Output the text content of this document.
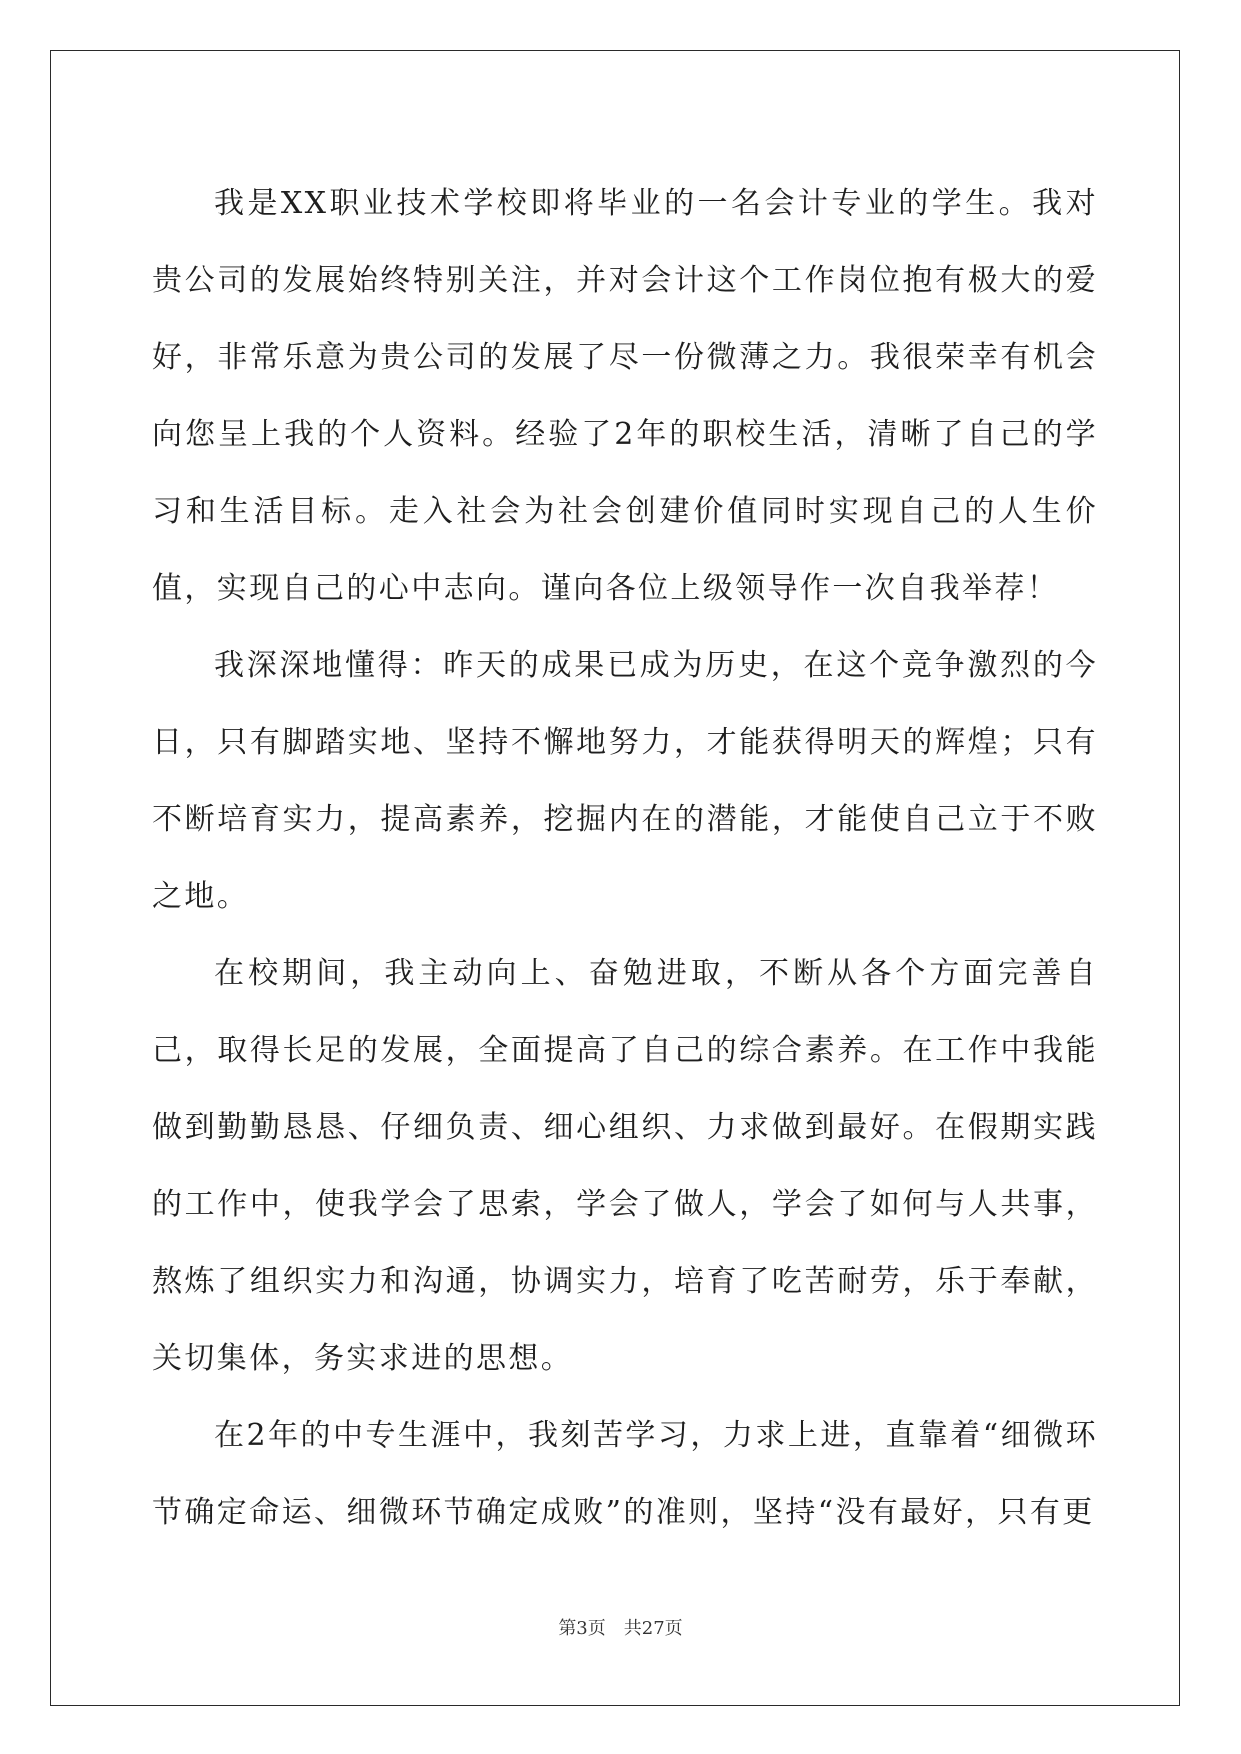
我是XX职业技术学校即将毕业的一名会计专业的学生。我对贵公司的发展始终特别关注，并对会计这个工作岗位抱有极大的爱好，非常乐意为贵公司的发展了尽一份微薄之力。我很荣幸有机会向您呈上我的个人资料。经验了2年的职校生活，清晰了自己的学习和生活目标。走入社会为社会创建价值同时实现自己的人生价值，实现自己的心中志向。谨向各位上级领导作一次自我举荐！

我深深地懂得：昨天的成果已成为历史，在这个竞争激烈的今日，只有脚踏实地、坚持不懈地努力，才能获得明天的辉煌；只有不断培育实力，提高素养，挖掘内在的潜能，才能使自己立于不败之地。

在校期间，我主动向上、奋勉进取，不断从各个方面完善自己，取得长足的发展，全面提高了自己的综合素养。在工作中我能做到勤勤恳恳、仔细负责、细心组织、力求做到最好。在假期实践的工作中，使我学会了思索，学会了做人，学会了如何与人共事，熬炼了组织实力和沟通，协调实力，培育了吃苦耐劳，乐于奉献，关切集体，务实求进的思想。

在2年的中专生涯中，我刻苦学习，力求上进，直靠着“细微环节确定命运、细微环节确定成败”的准则，坚持“没有最好，只有更

第3页 共27页
